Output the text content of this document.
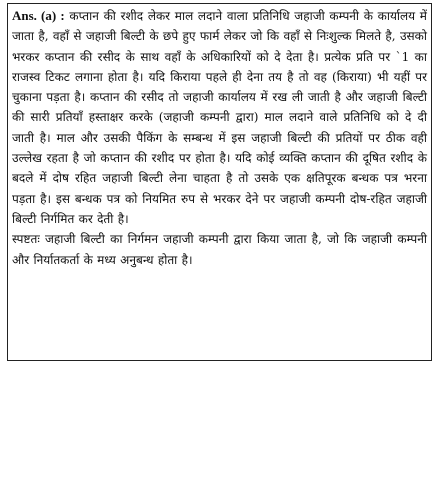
Ans. (a) : कप्तान की रशीद लेकर माल लदाने वाला प्रतिनिधि जहाजी कम्पनी के कार्यालय में जाता है, वहाँ से जहाजी बिल्टी के छपे हुए फार्म लेकर जो कि वहाँ से निःशुल्क मिलते है, उसको भरकर कप्तान की रसीद के साथ वहाँ के अधिकारियों को दे देता है। प्रत्येक प्रति पर `1 का राजस्व टिकट लगाना होता है। यदि किराया पहले ही देना तय है तो वह (किराया) भी यहीं पर चुकाना पड़ता है। कप्तान की रसीद तो जहाजी कार्यालय में रख ली जाती है और जहाजी बिल्टी की सारी प्रतियाँ हस्ताक्षर करके (जहाजी कम्पनी द्वारा) माल लदाने वाले प्रतिनिधि को दे दी जाती है। माल और उसकी पैकिंग के सम्बन्ध में इस जहाजी बिल्टी की प्रतियों पर ठीक वही उल्लेख रहता है जो कप्तान की रशीद पर होता है। यदि कोई व्यक्ति कप्तान की दूषित रशीद के बदले में दोष रहित जहाजी बिल्टी लेना चाहता है तो उसके एक क्षतिपूरक बन्धक पत्र भरना पड़ता है। इस बन्धक पत्र को नियमित रुप से भरकर देने पर जहाजी कम्पनी दोष-रहित जहाजी बिल्टी निर्गमित कर देती है।

स्पष्टतः जहाजी बिल्टी का निर्गमन जहाजी कम्पनी द्वारा किया जाता है, जो कि जहाजी कम्पनी और निर्यातकर्ता के मध्य अनुबन्ध होता है।
